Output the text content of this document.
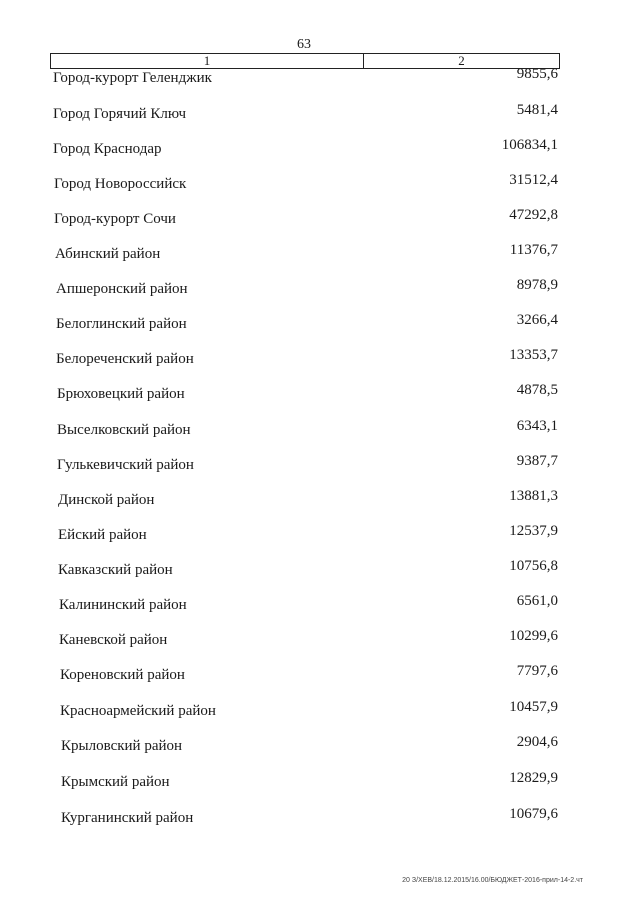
63
1	2
Город-курорт Геленджик	9855,6
Город Горячий Ключ	5481,4
Город Краснодар	106834,1
Город Новороссийск	31512,4
Город-курорт Сочи	47292,8
Абинский район	11376,7
Апшеронский район	8978,9
Белоглинский район	3266,4
Белореченский район	13353,7
Брюховецкий район	4878,5
Выселковский район	6343,1
Гулькевичский район	9387,7
Динской район	13881,3
Ейский район	12537,9
Кавказский район	10756,8
Калининский район	6561,0
Каневской район	10299,6
Кореновский район	7797,6
Красноармейский район	10457,9
Крыловский район	2904,6
Крымский район	12829,9
Курганинский район	10679,6
20 З/ХЕВ/18.12.2015/16.00/БЮДЖЕТ-2016-прил-14-2.чт
